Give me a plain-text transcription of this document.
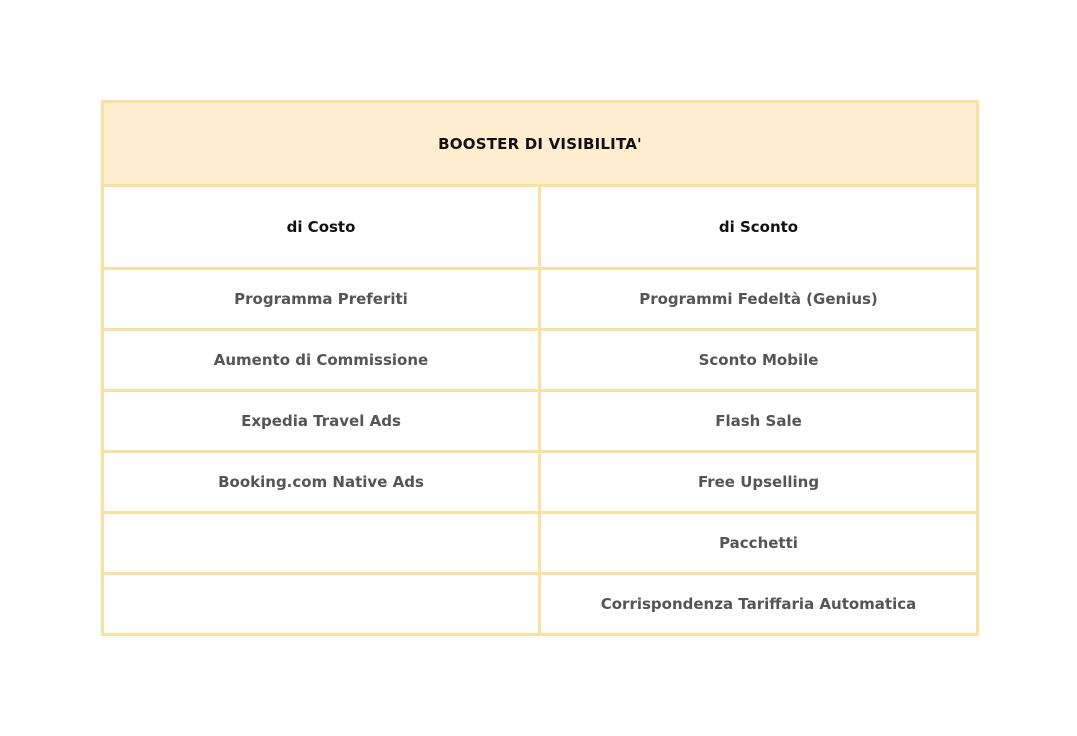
BOOSTER DI VISIBILITA'	
di Costo	di Sconto
Programma Preferiti	Programmi Fedeltà (Genius)
Aumento di Commissione	Sconto Mobile
Expedia Travel Ads	Flash Sale
Booking.com Native Ads	Free Upselling
	Pacchetti
	Corrispondenza Tariffaria Automatica
